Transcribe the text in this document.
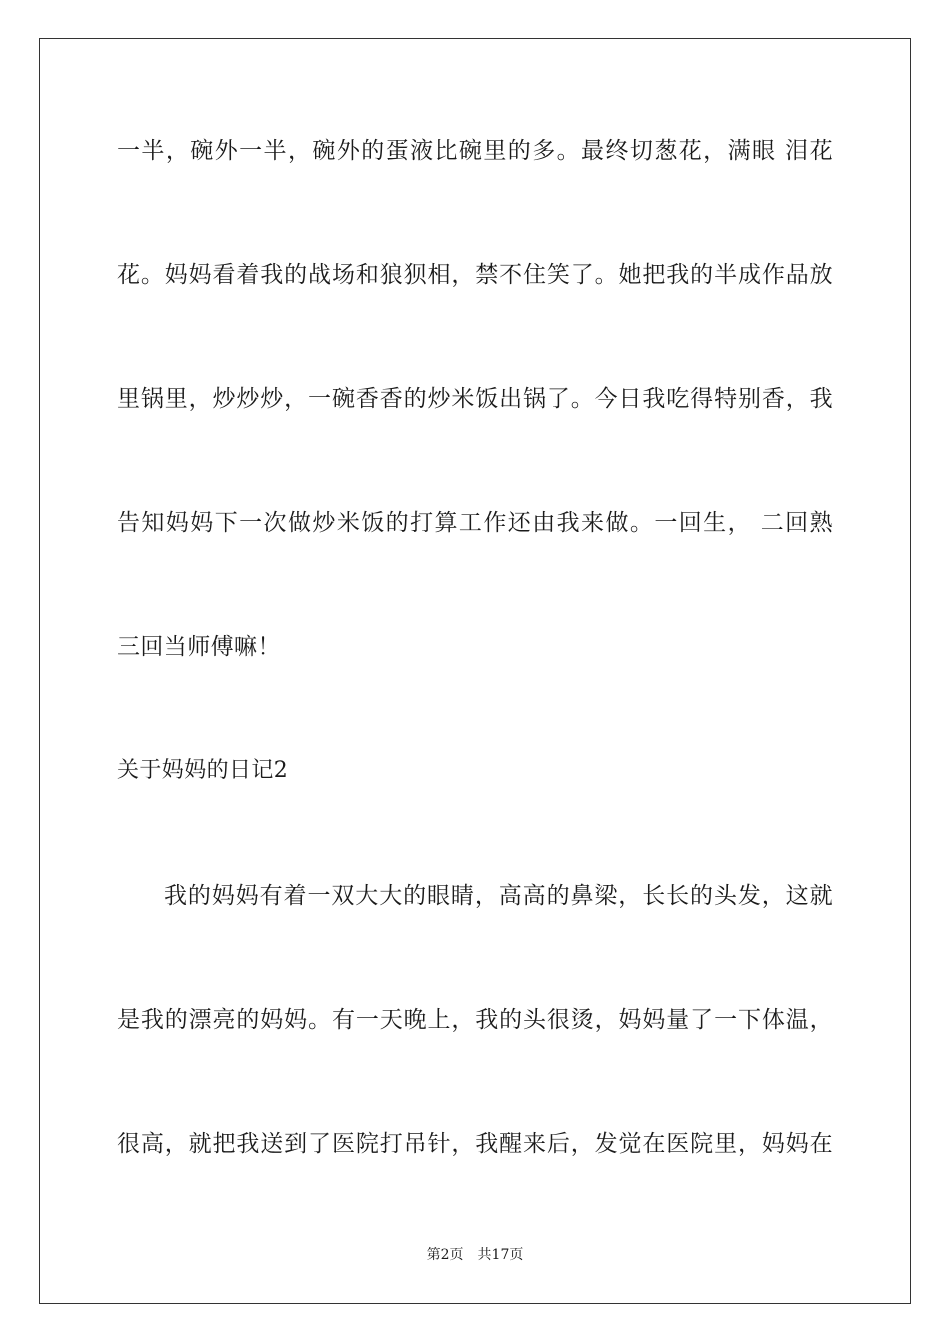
一半，碗外一半，碗外的蛋液比碗里的多。最终切葱花，满眼 泪花
花。妈妈看着我的战场和狼狈相，禁不住笑了。她把我的半成作品放
里锅里，炒炒炒，一碗香香的炒米饭出锅了。今日我吃得特别香，我
告知妈妈下一次做炒米饭的打算工作还由我来做。一回生， 二回熟
三回当师傅嘛！
关于妈妈的日记2
我的妈妈有着一双大大的眼睛，高高的鼻梁，长长的头发，这就
是我的漂亮的妈妈。有一天晚上，我的头很烫，妈妈量了一下体温，
很高，就把我送到了医院打吊针，我醒来后，发觉在医院里，妈妈在
第2页 共17页
